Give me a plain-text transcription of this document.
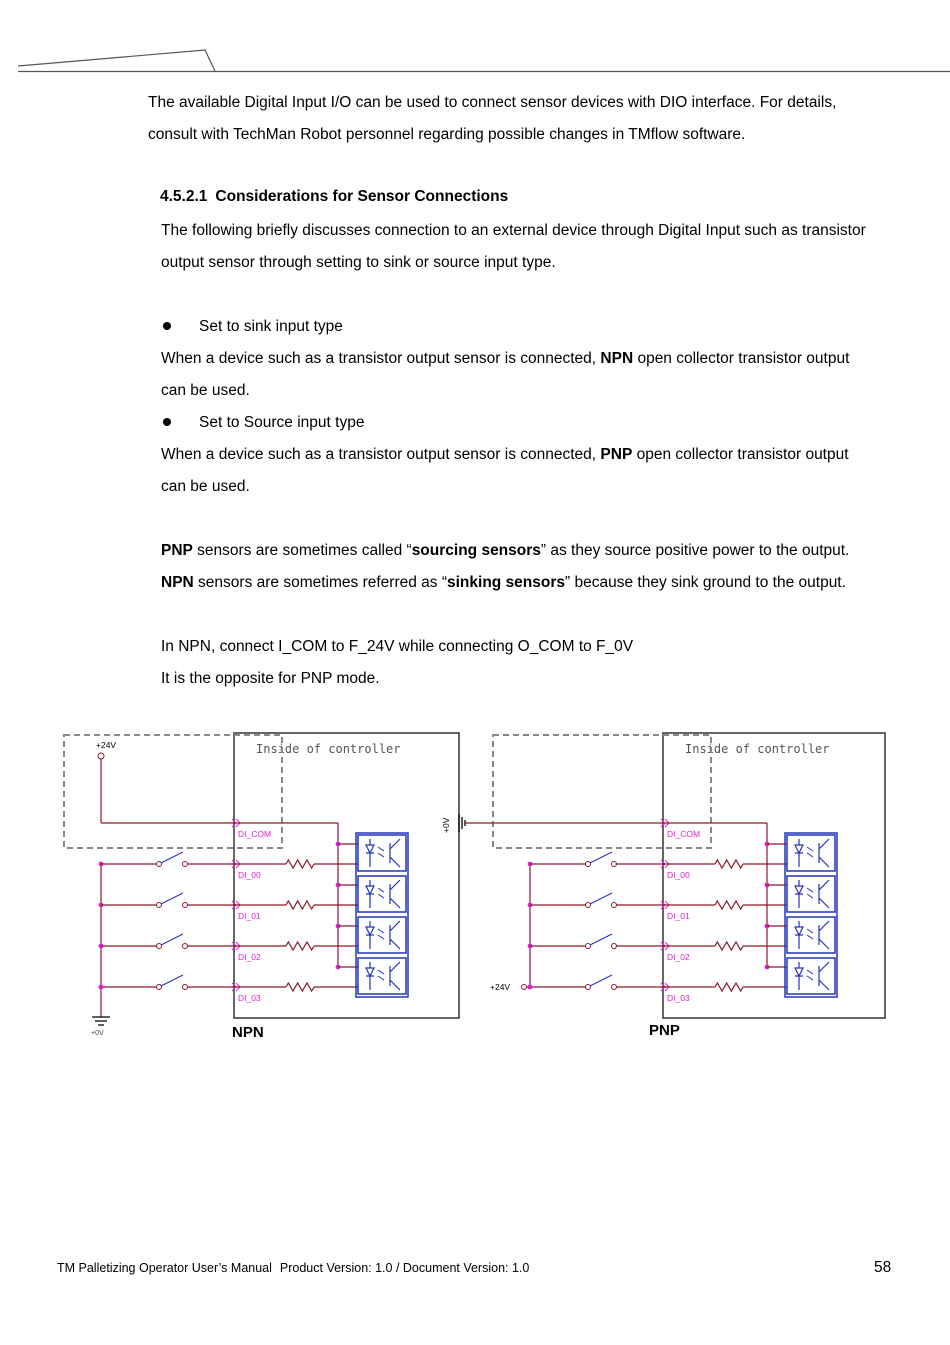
The available Digital Input I/O can be used to connect sensor devices with DIO interface. For details,
consult with TechMan Robot personnel regarding possible changes in TMflow software.
4.5.2.1 Considerations for Sensor Connections
The following briefly discusses connection to an external device through Digital Input such as transistor
output sensor through setting to sink or source input type.
Set to sink input type
When a device such as a transistor output sensor is connected, NPN open collector transistor output
can be used.
Set to Source input type
When a device such as a transistor output sensor is connected, PNP open collector transistor output
can be used.
PNP sensors are sometimes called “sourcing sensors” as they source positive power to the output.
NPN sensors are sometimes referred as “sinking sensors” because they sink ground to the output.
In NPN, connect I_COM to F_24V while connecting O_COM to F_0V
It is the opposite for PNP mode.
Inside of controller
+24V
DI_COM
DI_00
DI_01
DI_02
DI_03
+0V
Inside of controller
+0V
DI_COM
DI_00
DI_01
DI_02
DI_03
+24V
NPN	PNP
TM Palletizing Operator User’s Manual Product Version: 1.0 / Document Version: 1.0	58
